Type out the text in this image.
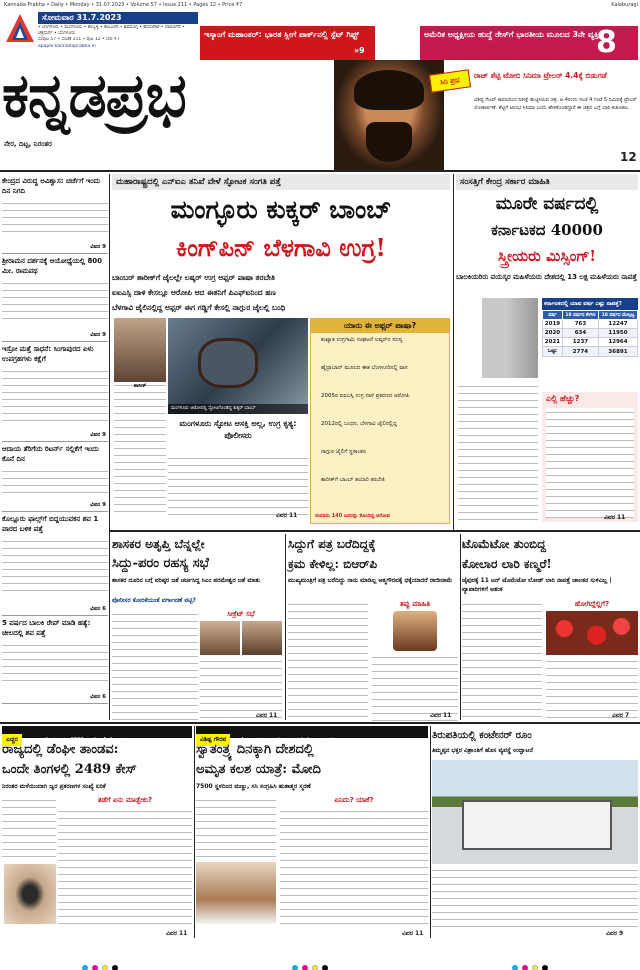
Kannada Prabha • Daily • Monday • 31.07.2023 • Volume 57 • Issue 211 • Pages 12 • Price ₹7	Kalaburagi
ಸೋಮವಾರ 31.7.2023
• ಬೆಂಗಳೂರು • ಮಂಗಳೂರು • ಹುಬ್ಬಳ್ಳಿ • ಕಲಬುರಗಿ • ಶಿವಮೊಗ್ಗ • ಹೊಸಪೇಟೆ • ದಾವಣಗೆರೆ • ಚಿತ್ರದುರ್ಗ • ಬೆಂಗಳೂರು
ಸಂಪುಟ 57 • ಸಂಚಿಕೆ 211 • ಪುಟ 12 • ಬೆಲೆ ₹7
epaper.kannadaprabha.in
ಕನ್ನಡಪ್ರಭ
ನೇರ, ದಿಟ್ಟ, ನಿರಂತರ
ಇಸ್ಕಾಂಗೆ ಮಹಾಂತರ್: ಭಾರತ ಸ್ಲೀಗೆ ಪಾರ್ಕ್‌ನಲ್ಲಿ ಸ್ಪೆಟ್ ಗಿಫ್ಟ್
»9
ಅಮೆರಿಕ ಅಧ್ಯಕ್ಷೀಯ ಹುದ್ದೆ ರೇಸ್‌ಗೆ ಭಾರತೀಯ ಮೂಲದ 3ನೇ ವ್ಯಕ್ತಿ
8
ಸಿನಿ ಪ್ರಭ
ರಾಜ್ ಶೆಟ್ಟಿ ಟೋಬಿ ಸಿನಿಮಾ ಟ್ರೇಲರ್ 4.4ಕ್ಕೆ ಬಿಡುಗಡೆ
ವಿಶಿಷ್ಟ ಗೆಟಪ್ ಕಾರಣದಿಂದ ನಿರೀಕ್ಷೆ ಹುಟ್ಟಿಸಿರುವ ಚಿತ್ರ. ಆ.4ರಂದು ಸಂಜೆ 4 ಗಂಟೆ 5 ನಿಮಿಷಕ್ಕೆ ಟ್ರೇಲರ್ ಲೋಕಾರ್ಪಣೆ. ಶೆಟ್ಟಿಗೆ ಆರಂಭ ಸಿನಿಮಾ ಎಂದು ಹೇಳಿಕೊಂಡಿದ್ದಾರೆ ಈ ಚಿತ್ರದ ಬಗ್ಗೆ ಭಾರಿ ಕುತೂಹಲ.
12
ಕೇಂದ್ರದ ವಿರುದ್ಧ ಅವಿಶ್ವಾಸ: ಚರ್ಚೆಗೆ ಇಂದು ದಿನ ನಿಗದಿ
ವಿವರ 9
ಶ್ರೀರಾಮನ ದರ್ಶನಕ್ಕೆ ಅಯೋಧ್ಯೆಯಲ್ಲಿ 800 ಮೀ. ರಾಮಪಥ
ವಿವರ 9
ಇಸ್ರೋ ಮತ್ತೆ ಸಾಧನೆ: ಸಿಂಗಾಪುರದ ಏಳು ಉಪಗ್ರಹಗಳು ಕಕ್ಷೆಗೆ
ವಿವರ 9
ಆದಾಯ ತೆರಿಗೆಯ ರಿಟರ್ನ್ ಸಲ್ಲಿಕೆಗೆ ಇಂದು ಕೊನೆ ದಿನ
ವಿವರ 9
ಕೊಲ್ಲೂರು ಫಾಲ್ಸ್‌ಗೆ ಬಿದ್ದಯುವಕನ ಶವ 1 ವಾರದ ಬಳಿಕ ಪತ್ತೆ
ವಿವರ 6
5 ವರ್ಷದ ಬಾಲಕಿ ರೇಪ್ ಮಾಡಿ ಹತ್ಯೆ: ಚೀಲದಲ್ಲಿ ಶವ ಪತ್ತೆ
ವಿವರ 6
ಮಹಾರಾಷ್ಟ್ರದಲ್ಲಿ ಎನ್ಐಎ ತನಿಖೆ ವೇಳೆ ಸ್ಫೋಟಕ ಸಂಗತಿ ಪತ್ತೆ
ಮಂಗ್ಳೂರು ಕುಕ್ಕರ್ ಬಾಂಬ್
ಕಿಂಗ್‌ಪಿನ್ ಬೆಳಗಾವಿ ಉಗ್ರ!
ಬಾಂಬರ್ ಶಾರೀಕ್‌ಗೆ ಜೈಲಲ್ಲೇ ಲಷ್ಕರ್ ಉಗ್ರ ಅಫ್ಸರ್ ಪಾಷಾ ತರಬೇತಿ
ಐಐಎಸ್ಸಿ ದಾಳಿ ಕೇಸಲ್ಲೂ ಆರೋಪಿ ಆದ ಈತನಿಗೆ ಪಿಎಫ್ಐನಿಂದ ಹಣ
ಬೆಳಗಾವಿ ಜೈಲಿನಲ್ಲಿದ್ದ ಅಫ್ಸರ್ ಈಗ ಗಡ್ಡಿಗೆ ಕೇಸಲ್ಲಿ ನಾಗ್ಪುರ ಜೈಲಲ್ಲಿ ಬಂಧಿ
ಮಂಗಳೂರು ಆಟೋದಲ್ಲಿ ಸ್ಫೋಟಗೊಂಡಿದ್ದ ಕುಕ್ಕರ್ ಬಾಂಬ್
ಶಾರೀಕ್
ಮಂಗಳೂರು ಸ್ಫೋಟ ಆಸಕ್ತಿ ಅಲ್ಲ, ಉಗ್ರ ಕೃತ್ಯ: ಪೊಲೀಸರು
ವಿವರ 11
ಯಾರು ಈ ಅಫ್ಸರ್ ಪಾಷಾ?
ಕುಖ್ಯಾತ ಉಗ್ರಗಾಮಿ ಸಂಘಟನೆ ಲಷ್ಕರ್‌ನ ಸದಸ್ಯ
ಹೈದ್ರಾಬಾದ್ ಮೂಲದ ಈತ ಬೆಂಗಳೂರಿನಲ್ಲಿ ವಾಸ
2005ರ ಐಐಎಸ್ಸಿ ಉಗ್ರ ದಾಳಿ ಪ್ರಕರಣದ ಆರೋಪಿ
2012ರಲ್ಲಿ ಬಂಧನ, ಬೆಳಗಾವಿ ಜೈಲಿನಲ್ಲಿದ್ದ
ನಾಗ್ಪುರ ಜೈಲಿಗೆ ಸ್ಥಳಾಂತರ
ಶಾರೀಕ್‌ಗೆ ಬಾಂಬ್ ತಯಾರಿ ತರಬೇತಿ
ಸುಮಾರು 140 ಜನರನ್ನು ಕೊಂದಿದ್ದ ಆರೋಪ
ಸಂಸತ್ತಿಗೆ ಕೇಂದ್ರ ಸರ್ಕಾರ ಮಾಹಿತಿ
ಮೂರೇ ವರ್ಷದಲ್ಲಿ
ಕರ್ನಾಟಕದ 40000
ಸ್ತ್ರೀಯರು ಮಿಸ್ಸಿಂಗ್!
ಬಾಲಕಿಯರಿರು ವಯಸ್ಕರ ಮಹಿಳೆಯರು ದೇಶದಲ್ಲಿ 13 ಲಕ್ಷ ಮಹಿಳೆಯರು ನಾಪತ್ತೆ
ಕರ್ನಾಟಕದಲ್ಲಿ ಯಾವ ವರ್ಷ ಎಷ್ಟು ನಾಪತ್ತೆ?
ವರ್ಷ	18 ವರ್ಷದ ಕೆಳಗಿನ	18 ವರ್ಷದ ಮೇಲ್ಪಟ್ಟ
2019	763	12247
2020	634	11950
2021	1237	12964
ಒಟ್ಟು	2774	36891
ಎಲ್ಲಿ ಹೆಚ್ಚು?
ವಿವರ 11
ಶಾಸಕರ ಅತೃಪ್ತಿ ಬೆನ್ನಲ್ಲೇ
ಸಿದ್ದು-ಪರಂ ರಹಸ್ಯ ಸಭೆ
ಶಾಸಕರ ದೂರಿನ ಬಗ್ಗೆ ವರಿಷ್ಠರ ಜತೆ ಚರ್ಚಿಸಿದ್ದ ಸಿಎಂ ಪರಮೇಶ್ವರ ಜತೆ ಮಾತು
ಪೊಲೀಸರ ಕೋರಿಕೆಯಂತೆ ವರ್ಗಾವಣೆ ಪಟ್ಟಿ?
ಸೀಕ್ರೆಟ್ ಸಭೆ
ವಿವರ 11
ಸಿದ್ದುಗೆ ಪತ್ರ ಬರೆದಿದ್ದಕ್ಕೆ
ಕ್ರಮ ಕೇಳಿಲ್ಲ: ಬಿಆರ್‌ಪಿ
ಮುಖ್ಯಮಂತ್ರಿಗೆ ಪತ್ರ ಬರೆದಿದ್ದು ನಾನು ಮಾಡಿಲ್ಲ ಆತ್ಮಗೌರವಕ್ಕೆ ಧಕ್ಕೆಯಾದರೆ ರಾಜೀನಾಮೆ
ತಪ್ಪು ಮಾಹಿತಿ
ವಿವರ 11
ಟೊಮೆಟೋ ತುಂಬಿದ್ದ
ಕೋಲಾರ ಲಾರಿ ಕಣ್ಮರೆ!
ಜೈಪುರಕ್ಕೆ 11 ಟನ್ ಟೊಮೆಟೋ ಲೋಡ್ ಲಾರಿ ನಾಪತ್ತೆ ಚಾಲಕನ ಸುಳಿವಿಲ್ಲ | ವ್ಯಾಪಾರಿಗಳಿಗೆ ಆತಂಕ
ಹೋಗಿದ್ದೆಲ್ಲಿಗೆ?
ವಿವರ 7
ಎಚ್ಚರ ರಾಜ್ಯದಲ್ಲೇ ಈ ವರ್ಷ 4739 ಮಂದಿಯಲ್ಲಿ ಸೋಂಕು
ರಾಜ್ಯದಲ್ಲಿ ಡೆಂಘೀ ತಾಂಡವ:
ಒಂದೇ ತಿಂಗಳಲ್ಲಿ 2489 ಕೇಸ್
ನಿರಂತರ ಮಳೆಯಿಂದಾಗಿ ಜ್ವರ ಪ್ರಕರಣಗಳ ಸಂಖ್ಯೆ ಏರಿಕೆ
ತಡೆಗೆ ಏನು ಮಾಡ್ಬೇಕು?
ವಿವರ 11
ವಿಶಿಷ್ಟ ಗೌರವ ದೇಶದಾದ್ಯಂತ ಮೃತರ 'ಅಮೃತ ವಾಟಿಕಾ' ಉದ್ಯಾನ ಸೃಷ್ಟಿ
ಸ್ವಾತಂತ್ರ್ಯ ದಿನಕ್ಕಾಗಿ ದೇಶದಲ್ಲಿ
ಅಮೃತ ಕಲಶ ಯಾತ್ರೆ: ಮೋದಿ
7500 ಸ್ಥಳದಿಂದ ಮಣ್ಣು, ಸಸಿ ಸಂಗ್ರಹಿಸಿ ಹುತಾತ್ಮರ ಸ್ಮರಣೆ
ಏನಿದು? ಯಾಕೆ?
ವಿವರ 11
ತಿರುಪತಿಯಲ್ಲಿ ಕಂಟೇನರ್ ರೂಂ
ತಿಮ್ಮಪ್ಪನ ಭಕ್ತರ ವಿಶ್ರಾಂತಿಗೆ ಹೊಸ ವ್ಯವಸ್ಥೆ ಉದ್ಘಾಟನೆ
ವಿವರ 9
